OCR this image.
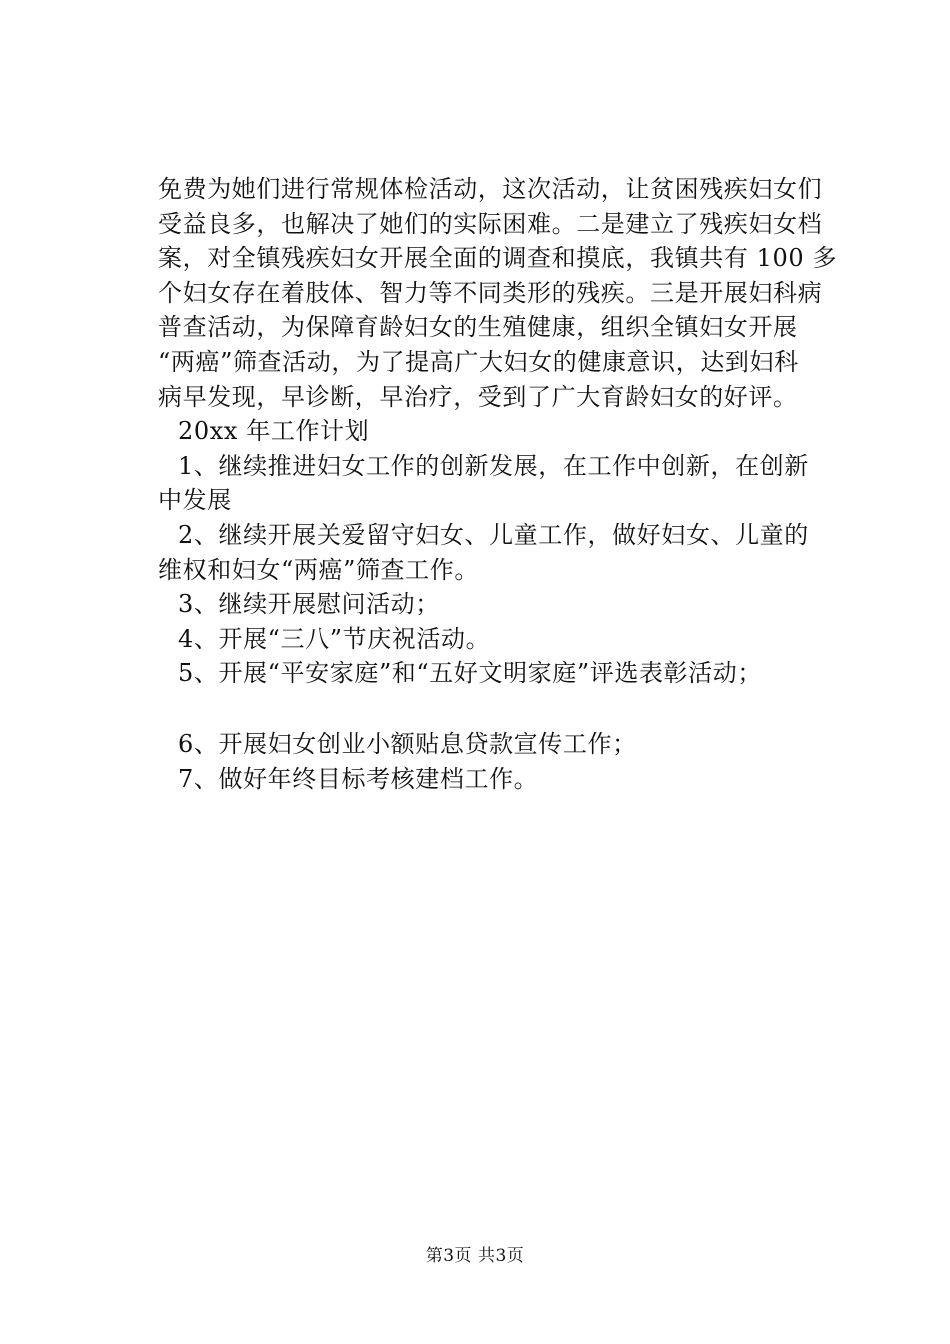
免费为她们进行常规体检活动，这次活动，让贫困残疾妇女们
受益良多，也解决了她们的实际困难。二是建立了残疾妇女档
案，对全镇残疾妇女开展全面的调查和摸底，我镇共有 100 多
个妇女存在着肢体、智力等不同类形的残疾。三是开展妇科病
普查活动，为保障育龄妇女的生殖健康，组织全镇妇女开展
“两癌”筛查活动，为了提高广大妇女的健康意识，达到妇科
病早发现，早诊断，早治疗，受到了广大育龄妇女的好评。
20xx 年工作计划
1、继续推进妇女工作的创新发展，在工作中创新，在创新
中发展
2、继续开展关爱留守妇女、儿童工作，做好妇女、儿童的
维权和妇女“两癌”筛查工作。
3、继续开展慰问活动；
4、开展“三八”节庆祝活动。
5、开展“平安家庭”和“五好文明家庭”评选表彰活动；
6、开展妇女创业小额贴息贷款宣传工作；
7、做好年终目标考核建档工作。
第3页 共3页
